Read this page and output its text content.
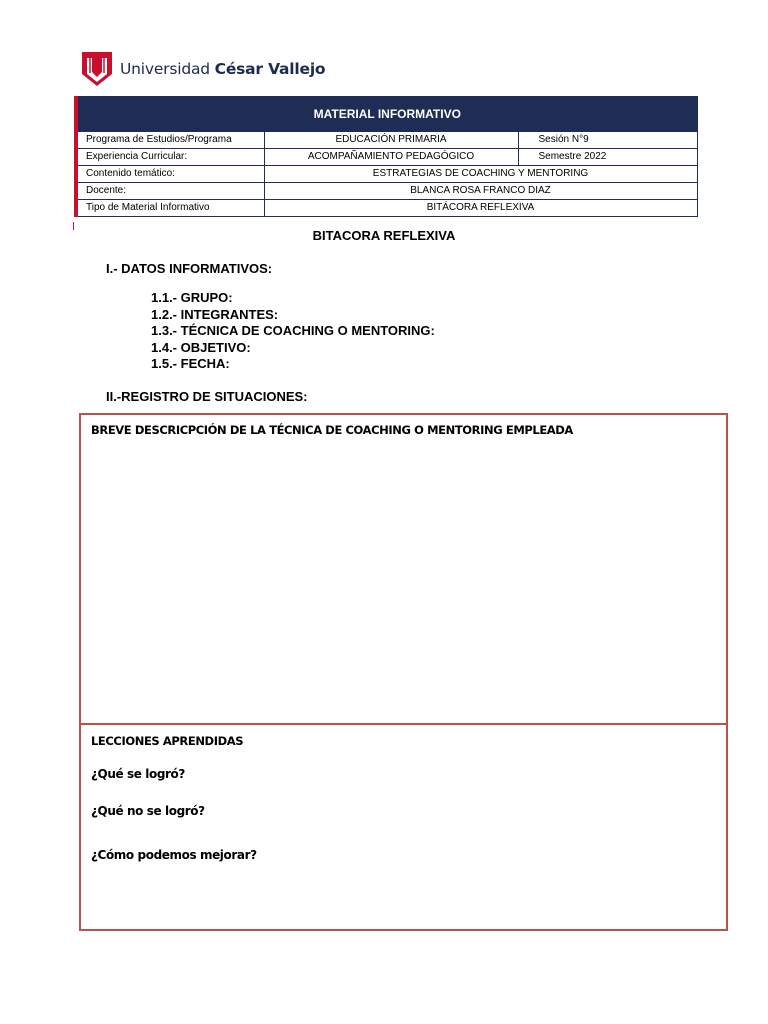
Universidad César Vallejo
MATERIAL INFORMATIVO		
Programa de Estudios/Programa	EDUCACIÓN PRIMARIA	Sesión N°9
Experiencia Curricular:	ACOMPAÑAMIENTO PEDAGÓGICO	Semestre 2022
Contenido temático:	ESTRATEGIAS DE COACHING Y MENTORING	
Docente:	BLANCA ROSA FRANCO DIAZ	
Tipo de Material Informativo	BITÁCORA REFLEXIVA	
BITACORA REFLEXIVA
I.- DATOS INFORMATIVOS:
1.1.- GRUPO:
1.2.- INTEGRANTES:
1.3.- TÉCNICA DE COACHING O MENTORING:
1.4.- OBJETIVO:
1.5.- FECHA:
II.-REGISTRO DE SITUACIONES:
BREVE DESCRICPCIÓN DE LA TÉCNICA DE COACHING O MENTORING EMPLEADA
LECCIONES APRENDIDAS
¿Qué se logró?
¿Qué no se logró?
¿Cómo podemos mejorar?
